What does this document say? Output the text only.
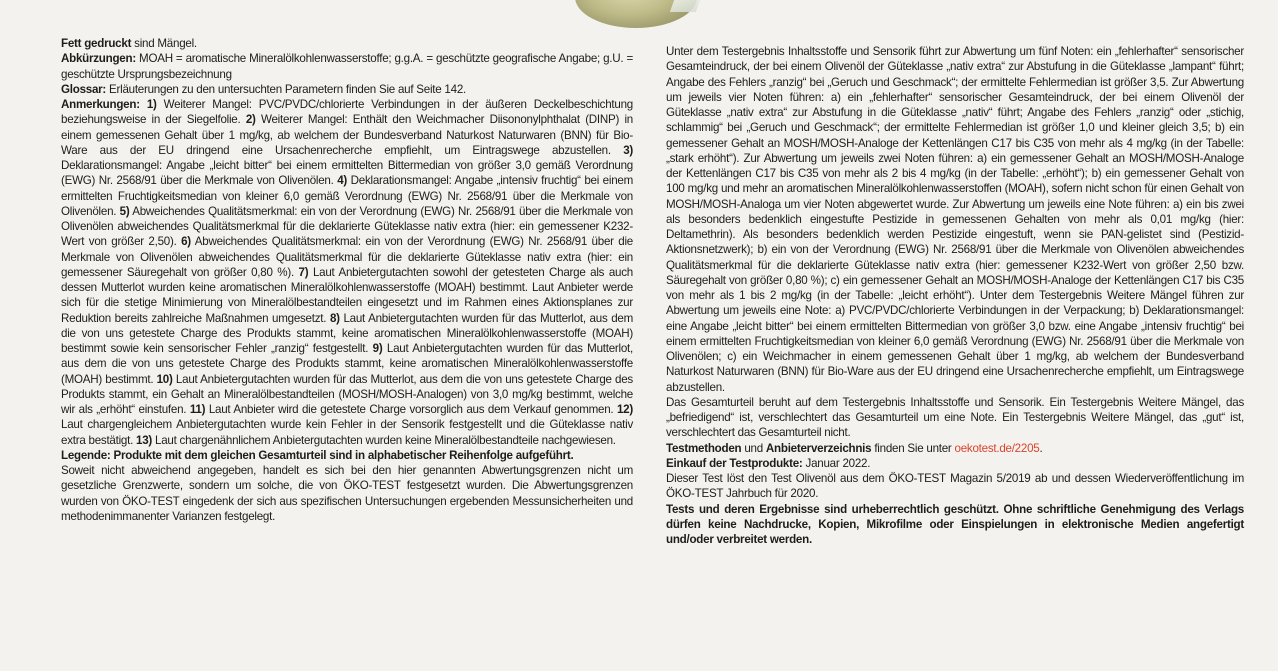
Fett gedruckt sind Mängel.

Abkürzungen: MOAH = aromatische Mineralölkohlenwasserstoffe; g.g.A. = geschützte geografische Angabe; g.U. = geschützte Ursprungsbezeichnung

Glossar: Erläuterungen zu den untersuchten Parametern finden Sie auf Seite 142.

Anmerkungen: 1) Weiterer Mangel: PVC/PVDC/chlorierte Verbindungen in der äußeren Deckelbeschichtung beziehungsweise in der Siegelfolie. 2) Weiterer Mangel: Enthält den Weichmacher Diisononylphthalat (DINP) in einem gemessenen Gehalt über 1 mg/kg, ab welchem der Bundesverband Naturkost Naturwaren (BNN) für Bio-Ware aus der EU dringend eine Ursachenrecherche empfiehlt, um Eintragswege abzustellen. 3) Deklarationsmangel: Angabe „leicht bitter“ bei einem ermittelten Bittermedian von größer 3,0 gemäß Verordnung (EWG) Nr. 2568/91 über die Merkmale von Olivenölen. 4) Deklarationsmangel: Angabe „intensiv fruchtig“ bei einem ermittelten Fruchtigkeitsmedian von kleiner 6,0 gemäß Verordnung (EWG) Nr. 2568/91 über die Merkmale von Olivenölen. 5) Abweichendes Qualitätsmerkmal: ein von der Verordnung (EWG) Nr. 2568/91 über die Merkmale von Olivenölen abweichendes Qualitätsmerkmal für die deklarierte Güteklasse nativ extra (hier: ein gemessener K232-Wert von größer 2,50). 6) Abweichendes Qualitätsmerkmal: ein von der Verordnung (EWG) Nr. 2568/91 über die Merkmale von Olivenölen abweichendes Qualitätsmerkmal für die deklarierte Güteklasse nativ extra (hier: ein gemessener Säuregehalt von größer 0,80 %). 7) Laut Anbietergutachten sowohl der getesteten Charge als auch dessen Mutterlot wurden keine aromatischen Mineralölkohlenwasserstoffe (MOAH) bestimmt. Laut Anbieter werde sich für die stetige Minimierung von Mineralölbestandteilen eingesetzt und im Rahmen eines Aktionsplanes zur Reduktion bereits zahlreiche Maßnahmen umgesetzt. 8) Laut Anbietergutachten wurden für das Mutterlot, aus dem die von uns getestete Charge des Produkts stammt, keine aromatischen Mineralölkohlenwasserstoffe (MOAH) bestimmt sowie kein sensorischer Fehler „ranzig“ festgestellt. 9) Laut Anbietergutachten wurden für das Mutterlot, aus dem die von uns getestete Charge des Produkts stammt, keine aromatischen Mineralölkohlenwasserstoffe (MOAH) bestimmt. 10) Laut Anbietergutachten wurden für das Mutterlot, aus dem die von uns getestete Charge des Produkts stammt, ein Gehalt an Mineralölbestandteilen (MOSH/MOSH-Analogen) von 3,0 mg/kg bestimmt, welche wir als „erhöht“ einstufen. 11) Laut Anbieter wird die getestete Charge vorsorglich aus dem Verkauf genommen. 12) Laut chargengleichem Anbietergutachten wurde kein Fehler in der Sensorik festgestellt und die Güteklasse nativ extra bestätigt. 13) Laut chargenähnlichem Anbietergutachten wurden keine Mineralölbestandteile nachgewiesen.

Legende: Produkte mit dem gleichen Gesamturteil sind in alphabetischer Reihenfolge aufgeführt.

Soweit nicht abweichend angegeben, handelt es sich bei den hier genannten Abwertungsgrenzen nicht um gesetzliche Grenzwerte, sondern um solche, die von ÖKO-TEST festgesetzt wurden. Die Abwertungsgrenzen wurden von ÖKO-TEST eingedenk der sich aus spezifischen Untersuchungen ergebenden Messunsicherheiten und methodenimmanenter Varianzen festgelegt.

Unter dem Testergebnis Inhaltsstoffe und Sensorik führt zur Abwertung um fünf Noten: ein „fehlerhafter“ sensorischer Gesamteindruck, der bei einem Olivenöl der Güteklasse „nativ extra“ zur Abstufung in die Güteklasse „lampant“ führt; Angabe des Fehlers „ranzig“ bei „Geruch und Geschmack“; der ermittelte Fehlermedian ist größer 3,5. Zur Abwertung um jeweils vier Noten führen: a) ein „fehlerhafter“ sensorischer Gesamteindruck, der bei einem Olivenöl der Güteklasse „nativ extra“ zur Abstufung in die Güteklasse „nativ“ führt; Angabe des Fehlers „ranzig“ oder „stichig, schlammig“ bei „Geruch und Geschmack“; der ermittelte Fehlermedian ist größer 1,0 und kleiner gleich 3,5; b) ein gemessener Gehalt an MOSH/MOSH-Analoge der Kettenlängen C17 bis C35 von mehr als 4 mg/kg (in der Tabelle: „stark erhöht“). Zur Abwertung um jeweils zwei Noten führen: a) ein gemessener Gehalt an MOSH/MOSH-Analoge der Kettenlängen C17 bis C35 von mehr als 2 bis 4 mg/kg (in der Tabelle: „erhöht“); b) ein gemessener Gehalt von 100 mg/kg und mehr an aromatischen Mineralölkohlenwasserstoffen (MOAH), sofern nicht schon für einen Gehalt von MOSH/MOSH-Analoga um vier Noten abgewertet wurde. Zur Abwertung um jeweils eine Note führen: a) ein bis zwei als besonders bedenklich eingestufte Pestizide in gemessenen Gehalten von mehr als 0,01 mg/kg (hier: Deltamethrin). Als besonders bedenklich werden Pestizide eingestuft, wenn sie PAN-gelistet sind (Pestizid-Aktionsnetzwerk); b) ein von der Verordnung (EWG) Nr. 2568/91 über die Merkmale von Olivenölen abweichendes Qualitätsmerkmal für die deklarierte Güteklasse nativ extra (hier: gemessener K232-Wert von größer 2,50 bzw. Säuregehalt von größer 0,80 %); c) ein gemessener Gehalt an MOSH/MOSH-Analoge der Kettenlängen C17 bis C35 von mehr als 1 bis 2 mg/kg (in der Tabelle: „leicht erhöht“). Unter dem Testergebnis Weitere Mängel führen zur Abwertung um jeweils eine Note: a) PVC/PVDC/chlorierte Verbindungen in der Verpackung; b) Deklarationsmangel: eine Angabe „leicht bitter“ bei einem ermittelten Bittermedian von größer 3,0 bzw. eine Angabe „intensiv fruchtig“ bei einem ermittelten Fruchtigkeitsmedian von kleiner 6,0 gemäß Verordnung (EWG) Nr. 2568/91 über die Merkmale von Olivenölen; c) ein Weichmacher in einem gemessenen Gehalt über 1 mg/kg, ab welchem der Bundesverband Naturkost Naturwaren (BNN) für Bio-Ware aus der EU dringend eine Ursachenrecherche empfiehlt, um Eintragswege abzustellen.

Das Gesamturteil beruht auf dem Testergebnis Inhaltsstoffe und Sensorik. Ein Testergebnis Weitere Mängel, das „befriedigend“ ist, verschlechtert das Gesamturteil um eine Note. Ein Testergebnis Weitere Mängel, das „gut“ ist, verschlechtert das Gesamturteil nicht.

Testmethoden und Anbieterverzeichnis finden Sie unter oekotest.de/2205.

Einkauf der Testprodukte: Januar 2022.

Dieser Test löst den Test Olivenöl aus dem ÖKO-TEST Magazin 5/2019 ab und dessen Wiederveröffentlichung im ÖKO-TEST Jahrbuch für 2020.

Tests und deren Ergebnisse sind urheberrechtlich geschützt. Ohne schriftliche Genehmigung des Verlags dürfen keine Nachdrucke, Kopien, Mikrofilme oder Einspielungen in elektronische Medien angefertigt und/oder verbreitet werden.
